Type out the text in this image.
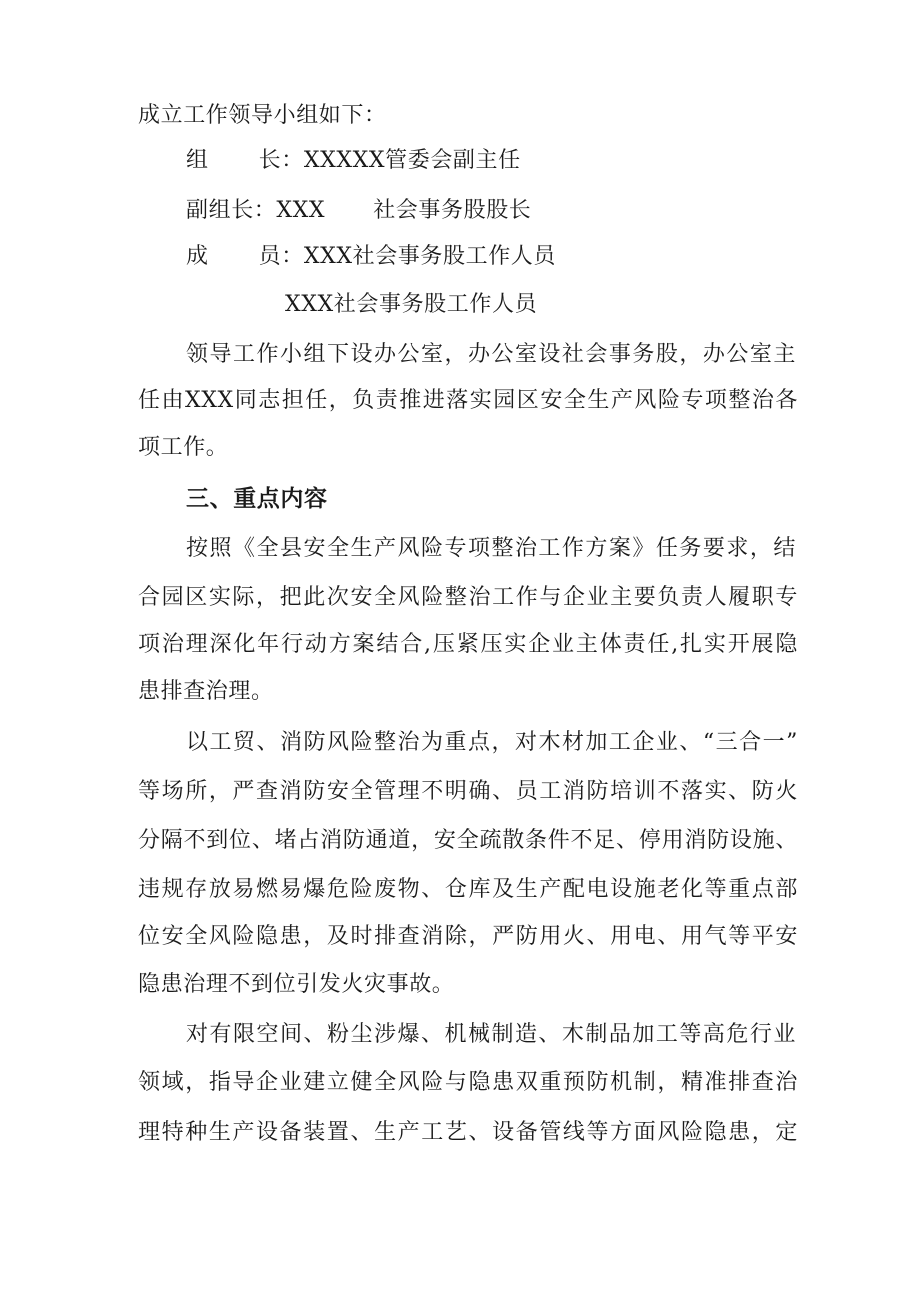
成立工作领导小组如下：
组 长：XXXXX管委会副主任
副组长：XXX 社会事务股股长
成 员：XXX社会事务股工作人员
XXX社会事务股工作人员
领导工作小组下设办公室，办公室设社会事务股，办公室主
任由XXX同志担任，负责推进落实园区安全生产风险专项整治各
项工作。
三、重点内容
按照《全县安全生产风险专项整治工作方案》任务要求，结
合园区实际，把此次安全风险整治工作与企业主要负责人履职专
项治理深化年行动方案结合,压紧压实企业主体责任,扎实开展隐
患排查治理。
以工贸、消防风险整治为重点，对木材加工企业、“三合一”
等场所，严查消防安全管理不明确、员工消防培训不落实、防火
分隔不到位、堵占消防通道，安全疏散条件不足、停用消防设施、
违规存放易燃易爆危险废物、仓库及生产配电设施老化等重点部
位安全风险隐患，及时排查消除，严防用火、用电、用气等平安
隐患治理不到位引发火灾事故。
对有限空间、粉尘涉爆、机械制造、木制品加工等高危行业
领域，指导企业建立健全风险与隐患双重预防机制，精准排查治
理特种生产设备装置、生产工艺、设备管线等方面风险隐患，定
